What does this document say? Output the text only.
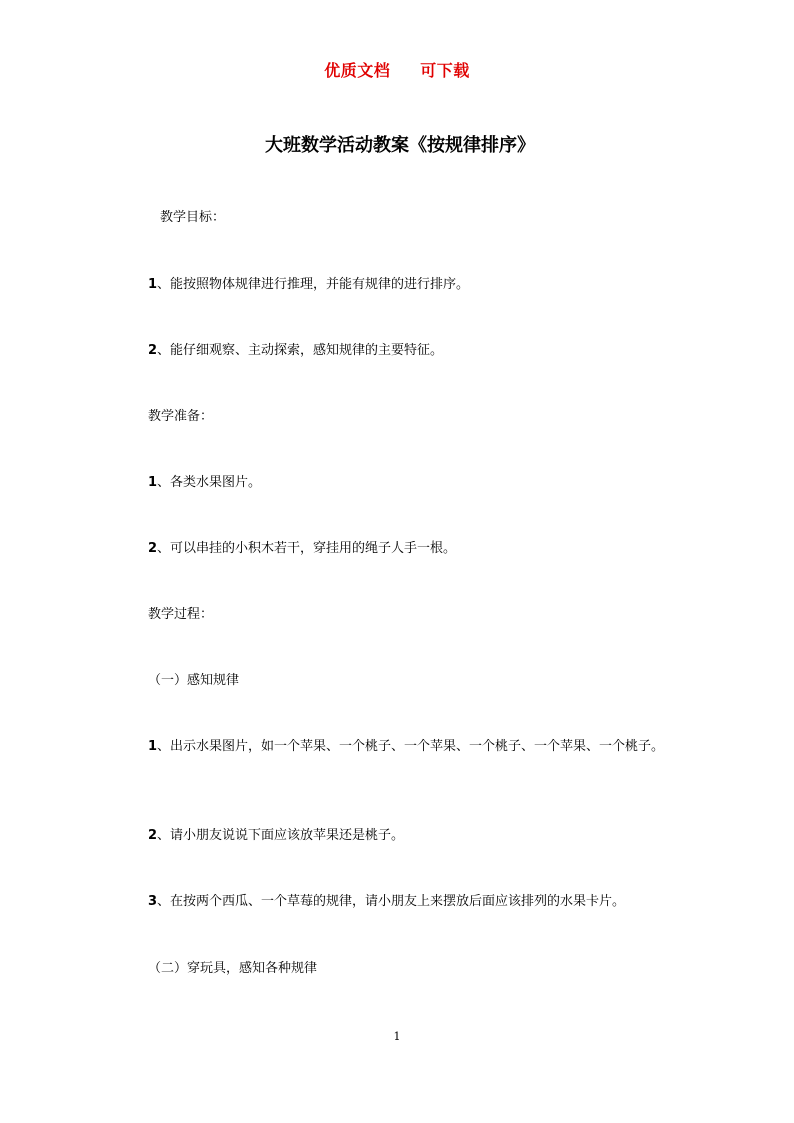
优质文档 可下载
大班数学活动教案《按规律排序》
教学目标：
1、能按照物体规律进行推理，并能有规律的进行排序。
2、能仔细观察、主动探索，感知规律的主要特征。
教学准备：
1、各类水果图片。
2、可以串挂的小积木若干，穿挂用的绳子人手一根。
教学过程：
（一）感知规律
1、出示水果图片，如一个苹果、一个桃子、一个苹果、一个桃子、一个苹果、一个桃子。
2、请小朋友说说下面应该放苹果还是桃子。
3、在按两个西瓜、一个草莓的规律，请小朋友上来摆放后面应该排列的水果卡片。
（二）穿玩具，感知各种规律
1
